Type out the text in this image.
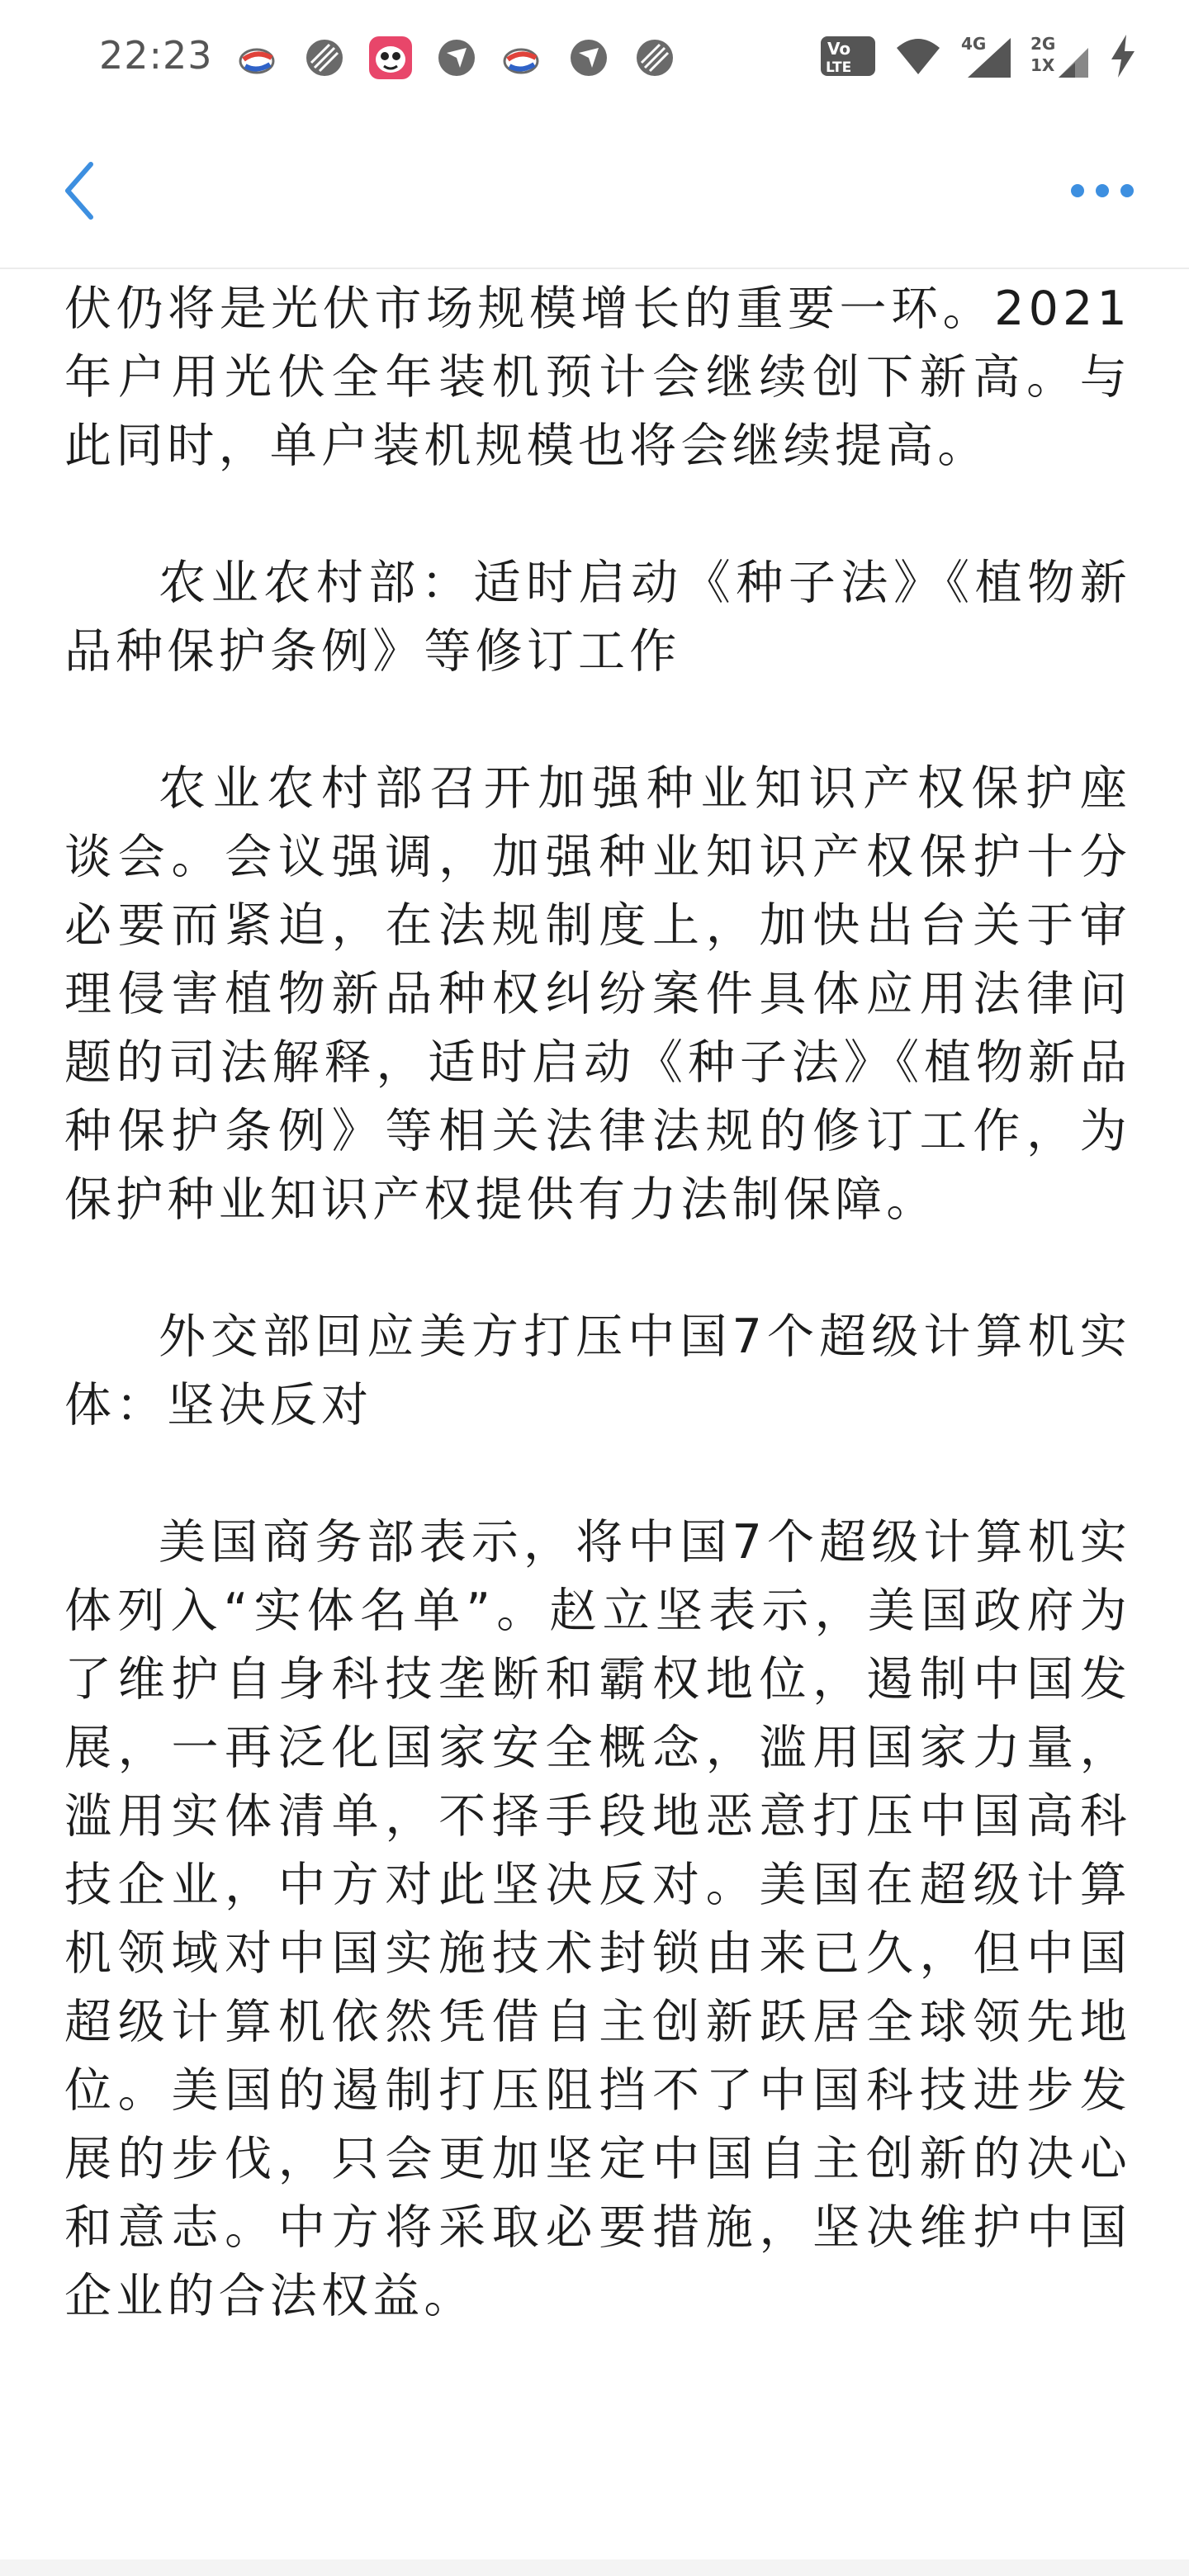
22:23	Vo
LTE
4G	2G
1X

伏仍将是光伏市场规模增长的重要一环。2021年户用光伏全年装机预计会继续创下新高。与此同时，单户装机规模也将会继续提高。

农业农村部：适时启动《种子法》《植物新品种保护条例》等修订工作

农业农村部召开加强种业知识产权保护座谈会。会议强调，加强种业知识产权保护十分必要而紧迫，在法规制度上，加快出台关于审理侵害植物新品种权纠纷案件具体应用法律问题的司法解释，适时启动《种子法》《植物新品种保护条例》等相关法律法规的修订工作，为保护种业知识产权提供有力法制保障。

外交部回应美方打压中国7个超级计算机实体：坚决反对

美国商务部表示，将中国7个超级计算机实体列入“实体名单”。赵立坚表示，美国政府为了维护自身科技垄断和霸权地位，遏制中国发展，一再泛化国家安全概念，滥用国家力量，滥用实体清单，不择手段地恶意打压中国高科技企业，中方对此坚决反对。美国在超级计算机领域对中国实施技术封锁由来已久，但中国超级计算机依然凭借自主创新跃居全球领先地位。美国的遏制打压阻挡不了中国科技进步发展的步伐，只会更加坚定中国自主创新的决心和意志。中方将采取必要措施，坚决维护中国企业的合法权益。
